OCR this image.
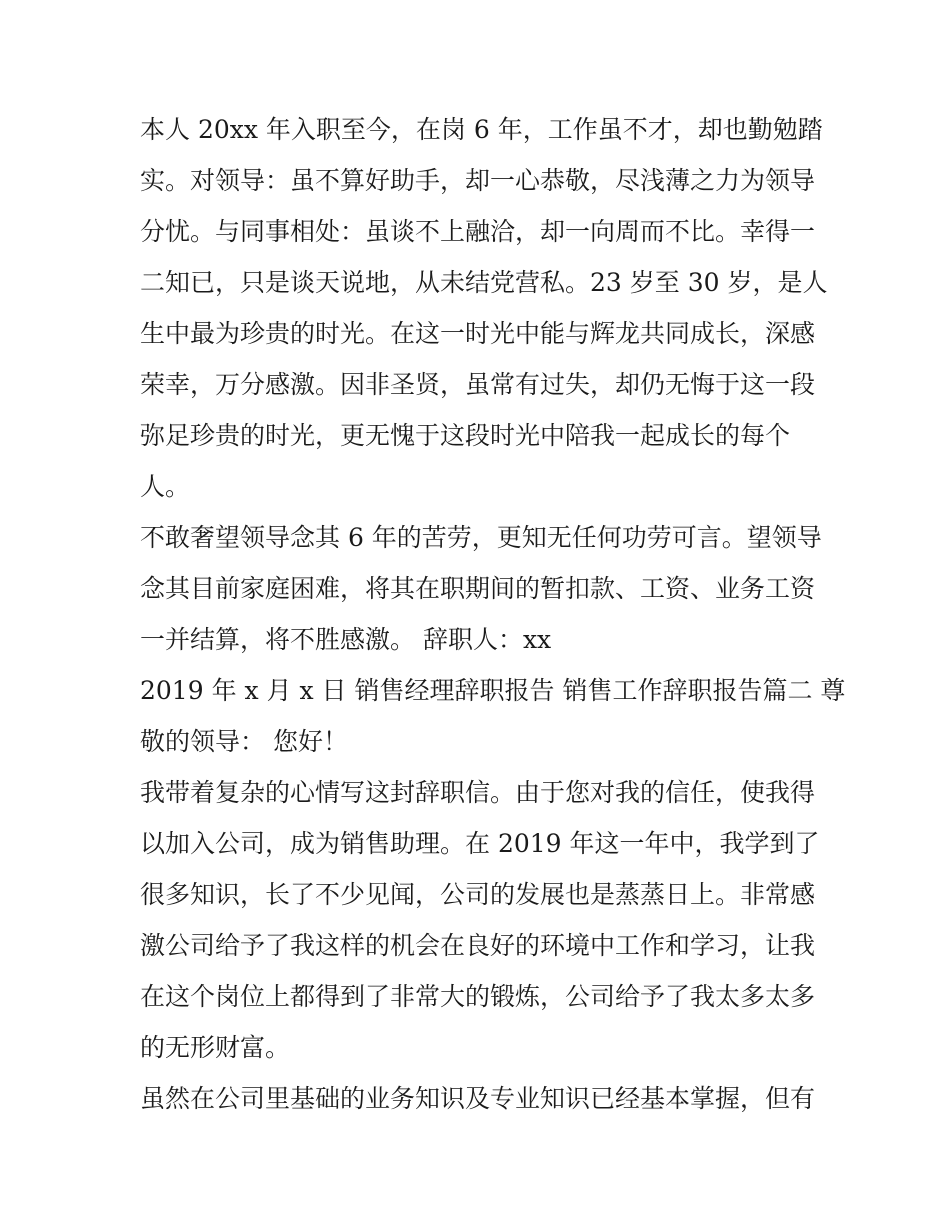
本人 20xx 年入职至今，在岗 6 年，工作虽不才，却也勤勉踏
实。对领导：虽不算好助手，却一心恭敬，尽浅薄之力为领导
分忧。与同事相处：虽谈不上融洽，却一向周而不比。幸得一
二知已，只是谈天说地，从未结党营私。23 岁至 30 岁，是人
生中最为珍贵的时光。在这一时光中能与辉龙共同成长，深感
荣幸，万分感激。因非圣贤，虽常有过失，却仍无悔于这一段
弥足珍贵的时光，更无愧于这段时光中陪我一起成长的每个
人。
不敢奢望领导念其 6 年的苦劳，更知无任何功劳可言。望领导
念其目前家庭困难，将其在职期间的暂扣款、工资、业务工资
一并结算，将不胜感激。 辞职人：xx
2019 年 x 月 x 日 销售经理辞职报告 销售工作辞职报告篇二 尊
敬的领导： 您好！
我带着复杂的心情写这封辞职信。由于您对我的信任，使我得
以加入公司，成为销售助理。在 2019 年这一年中，我学到了
很多知识，长了不少见闻，公司的发展也是蒸蒸日上。非常感
激公司给予了我这样的机会在良好的环境中工作和学习，让我
在这个岗位上都得到了非常大的锻炼，公司给予了我太多太多
的无形财富。
虽然在公司里基础的业务知识及专业知识已经基本掌握，但有
